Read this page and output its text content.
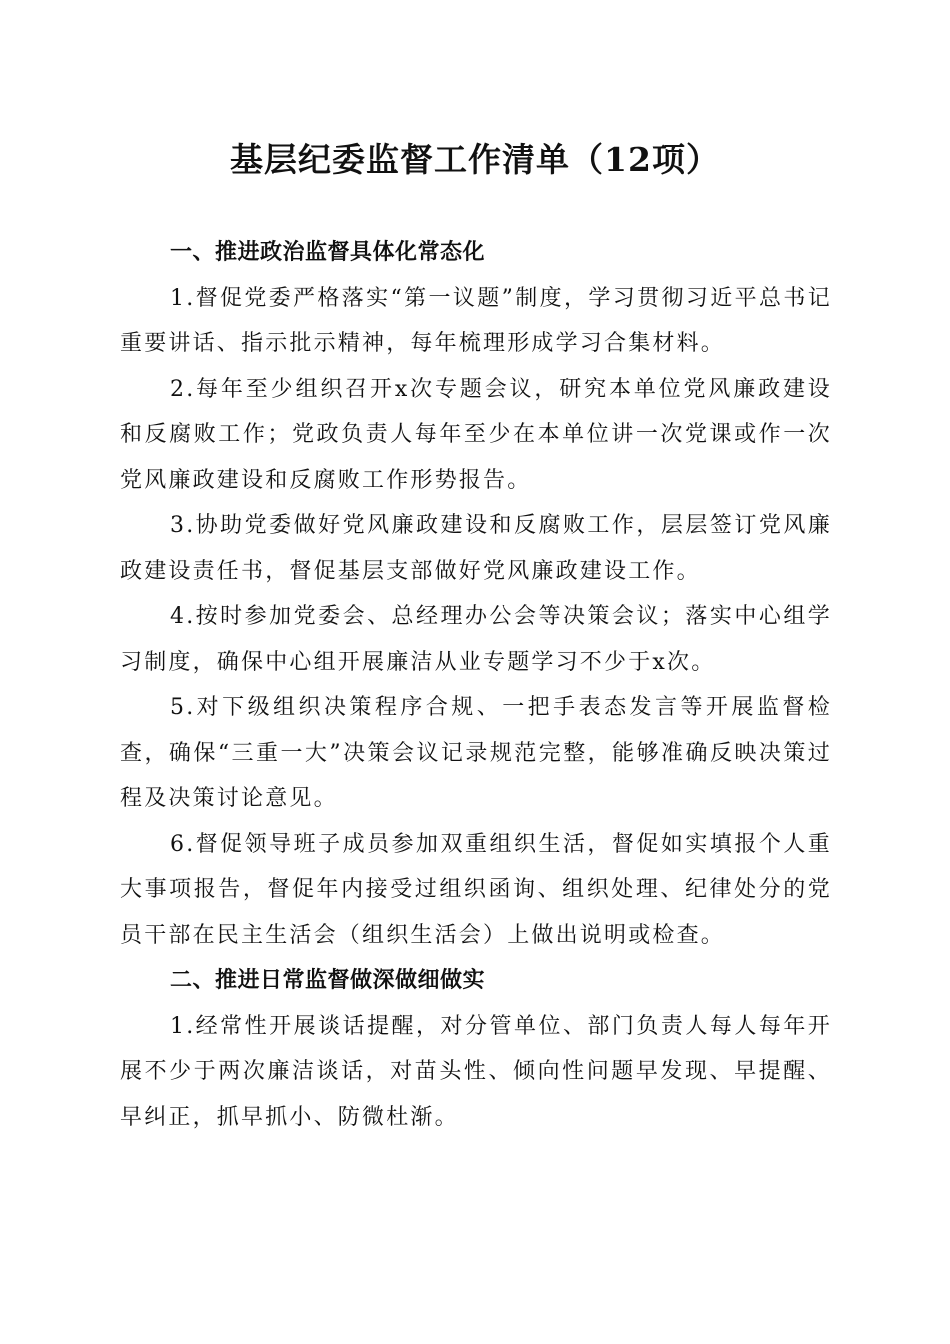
基层纪委监督工作清单（12项）

一、推进政治监督具体化常态化

1.督促党委严格落实“第一议题”制度，学习贯彻习近平总书记重要讲话、指示批示精神，每年梳理形成学习合集材料。

2.每年至少组织召开x次专题会议，研究本单位党风廉政建设和反腐败工作；党政负责人每年至少在本单位讲一次党课或作一次党风廉政建设和反腐败工作形势报告。

3.协助党委做好党风廉政建设和反腐败工作，层层签订党风廉政建设责任书，督促基层支部做好党风廉政建设工作。

4.按时参加党委会、总经理办公会等决策会议；落实中心组学习制度，确保中心组开展廉洁从业专题学习不少于x次。

5.对下级组织决策程序合规、一把手表态发言等开展监督检查，确保“三重一大”决策会议记录规范完整，能够准确反映决策过程及决策讨论意见。

6.督促领导班子成员参加双重组织生活，督促如实填报个人重大事项报告，督促年内接受过组织函询、组织处理、纪律处分的党员干部在民主生活会（组织生活会）上做出说明或检查。

二、推进日常监督做深做细做实

1.经常性开展谈话提醒，对分管单位、部门负责人每人每年开展不少于两次廉洁谈话，对苗头性、倾向性问题早发现、早提醒、早纠正，抓早抓小、防微杜渐。
